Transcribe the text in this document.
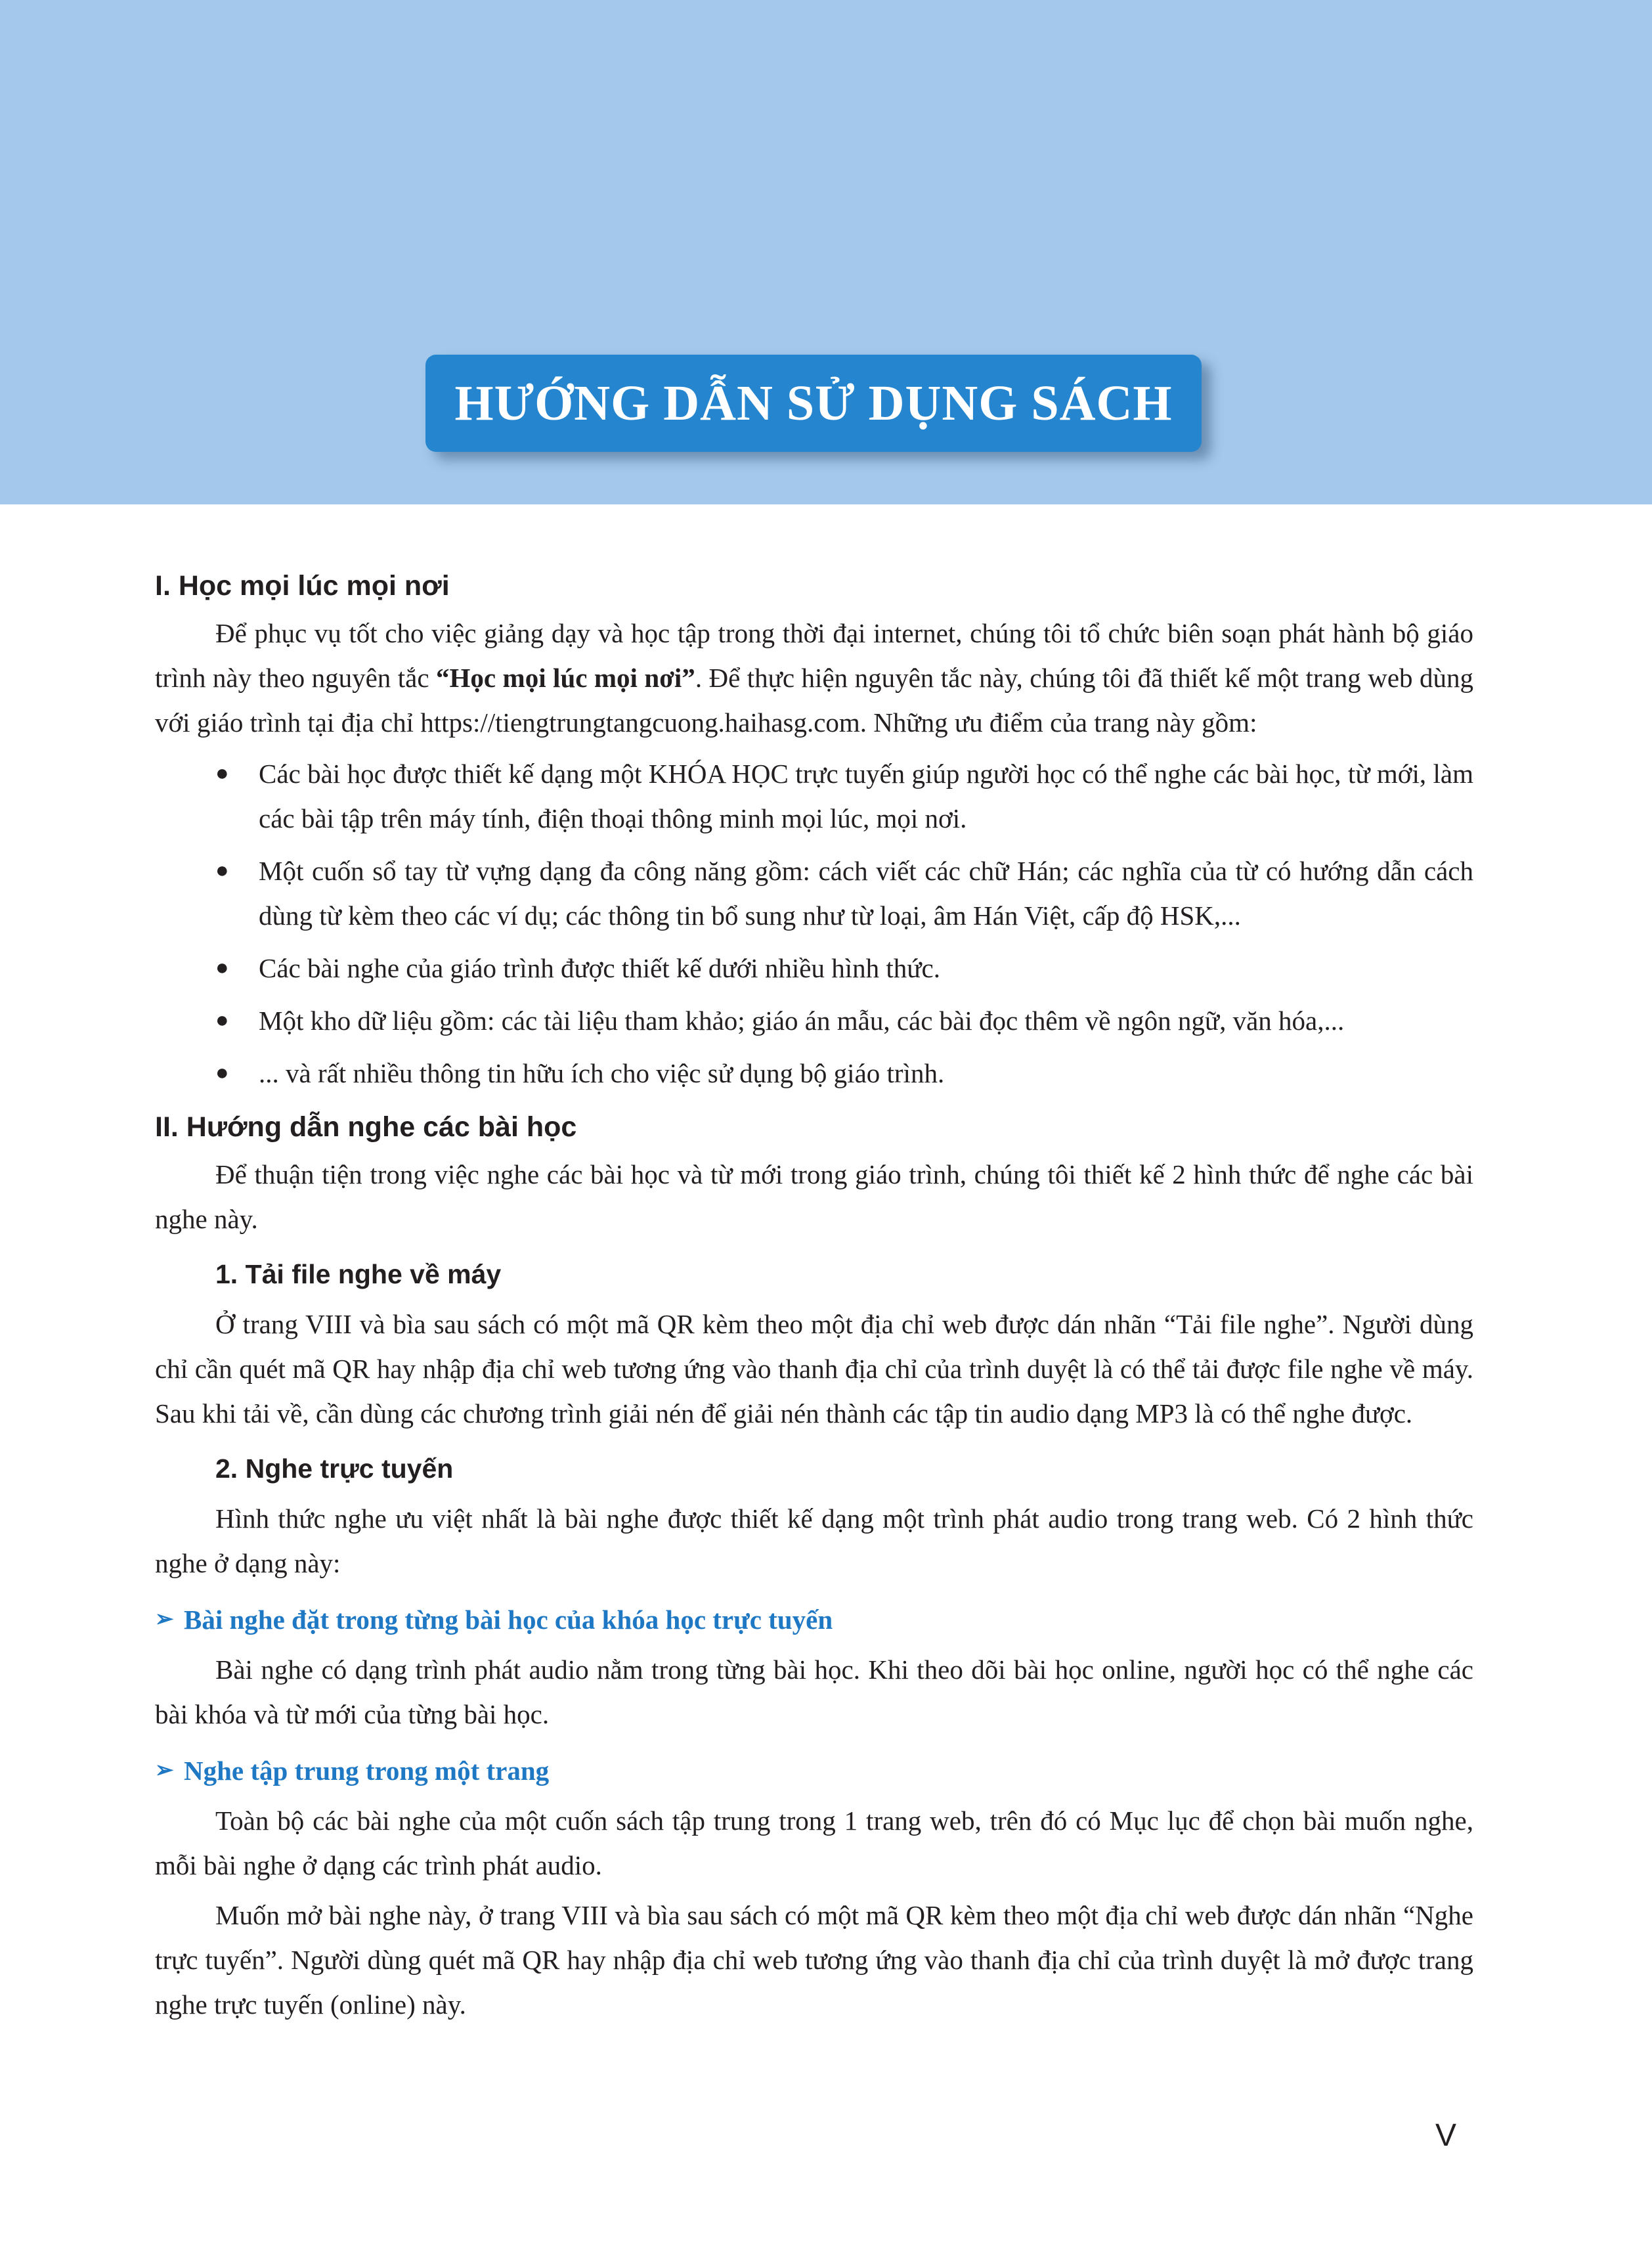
HƯỚNG DẪN SỬ DỤNG SÁCH
I. Học mọi lúc mọi nơi

Để phục vụ tốt cho việc giảng dạy và học tập trong thời đại internet, chúng tôi tổ chức biên soạn phát hành bộ giáo trình này theo nguyên tắc “Học mọi lúc mọi nơi”. Để thực hiện nguyên tắc này, chúng tôi đã thiết kế một trang web dùng với giáo trình tại địa chỉ https://tiengtrungtangcuong.haihasg.com. Những ưu điểm của trang này gồm:

● Các bài học được thiết kế dạng một KHÓA HỌC trực tuyến giúp người học có thể nghe các bài học, từ mới, làm các bài tập trên máy tính, điện thoại thông minh mọi lúc, mọi nơi.
● Một cuốn sổ tay từ vựng dạng đa công năng gồm: cách viết các chữ Hán; các nghĩa của từ có hướng dẫn cách dùng từ kèm theo các ví dụ; các thông tin bổ sung như từ loại, âm Hán Việt, cấp độ HSK,...
● Các bài nghe của giáo trình được thiết kế dưới nhiều hình thức.
● Một kho dữ liệu gồm: các tài liệu tham khảo; giáo án mẫu, các bài đọc thêm về ngôn ngữ, văn hóa,...
● ... và rất nhiều thông tin hữu ích cho việc sử dụng bộ giáo trình.
II. Hướng dẫn nghe các bài học

Để thuận tiện trong việc nghe các bài học và từ mới trong giáo trình, chúng tôi thiết kế 2 hình thức để nghe các bài nghe này.

1. Tải file nghe về máy

Ở trang VIII và bìa sau sách có một mã QR kèm theo một địa chỉ web được dán nhãn “Tải file nghe”. Người dùng chỉ cần quét mã QR hay nhập địa chỉ web tương ứng vào thanh địa chỉ của trình duyệt là có thể tải được file nghe về máy. Sau khi tải về, cần dùng các chương trình giải nén để giải nén thành các tập tin audio dạng MP3 là có thể nghe được.

2. Nghe trực tuyến

Hình thức nghe ưu việt nhất là bài nghe được thiết kế dạng một trình phát audio trong trang web. Có 2 hình thức nghe ở dạng này:

➢ Bài nghe đặt trong từng bài học của khóa học trực tuyến

Bài nghe có dạng trình phát audio nằm trong từng bài học. Khi theo dõi bài học online, người học có thể nghe các bài khóa và từ mới của từng bài học.

➢ Nghe tập trung trong một trang

Toàn bộ các bài nghe của một cuốn sách tập trung trong 1 trang web, trên đó có Mục lục để chọn bài muốn nghe, mỗi bài nghe ở dạng các trình phát audio.

Muốn mở bài nghe này, ở trang VIII và bìa sau sách có một mã QR kèm theo một địa chỉ web được dán nhãn “Nghe trực tuyến”. Người dùng quét mã QR hay nhập địa chỉ web tương ứng vào thanh địa chỉ của trình duyệt là mở được trang nghe trực tuyến (online) này.

V
